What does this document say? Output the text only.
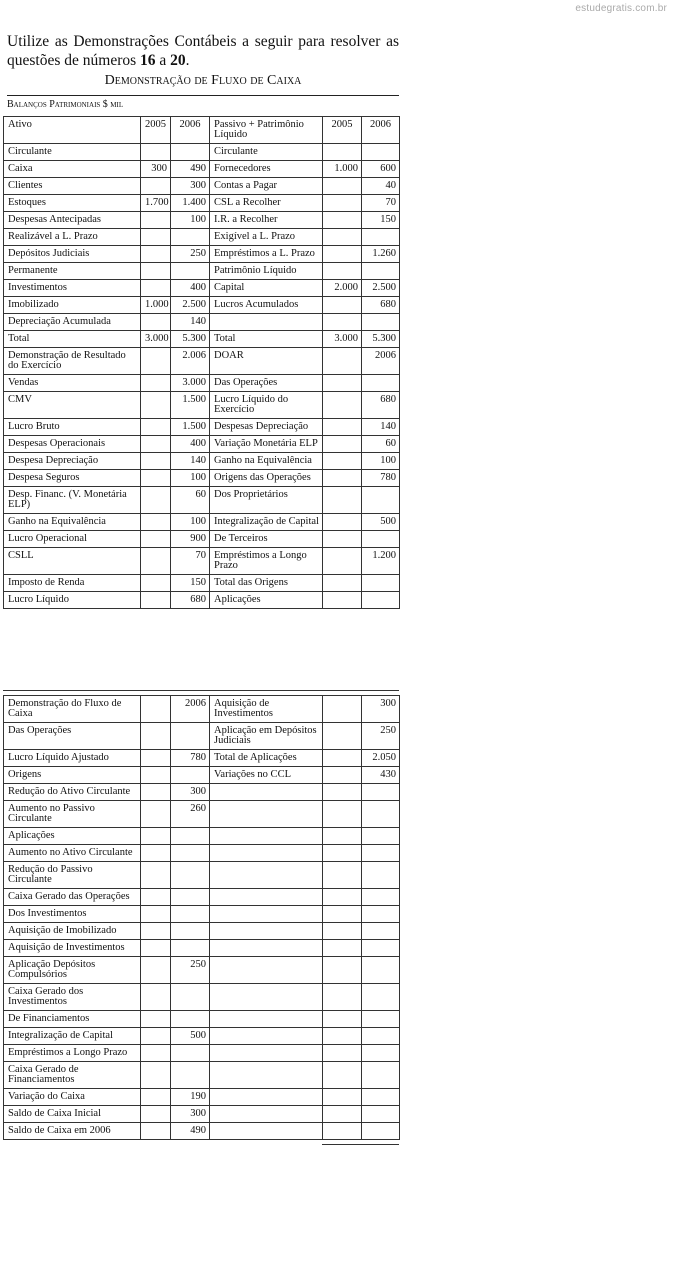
estudegratis.com.br

Utilize as Demonstrações Contábeis a seguir para resolver as questões de números 16 a 20.

Demonstração de Fluxo de Caixa

Balanços Patrimoniais $ mil

Ativo	2005	2006	Passivo + Patrimônio Líquido	2005	2006
Circulante			Circulante		
Caixa	300	490	Fornecedores	1.000	600
Clientes		300	Contas a Pagar		40
Estoques	1.700	1.400	CSL a Recolher		70
Despesas Antecipadas		100	I.R. a Recolher		150
Realizável a L. Prazo			Exigível a L. Prazo		
Depósitos Judiciais		250	Empréstimos a L. Prazo		1.260
Permanente			Patrimônio Líquido		
Investimentos		400	Capital	2.000	2.500
Imobilizado	1.000	2.500	Lucros Acumulados		680
Depreciação Acumulada		140			
Total	3.000	5.300	Total	3.000	5.300
Demonstração de Resultado do Exercício		2.006	DOAR		2006
Vendas		3.000	Das Operações		
CMV		1.500	Lucro Líquido do Exercício		680
Lucro Bruto		1.500	Despesas Depreciação		140
Despesas Operacionais		400	Variação Monetária ELP		60
Despesa Depreciação		140	Ganho na Equivalência		100
Despesa Seguros		100	Origens das Operações		780
Desp. Financ. (V. Monetária ELP)		60	Dos Proprietários		
Ganho na Equivalência		100	Integralização de Capital		500
Lucro Operacional		900	De Terceiros		
CSLL		70	Empréstimos a Longo Prazo		1.200
Imposto de Renda		150	Total das Origens		
Lucro Líquido		680	Aplicações		
Demonstração do Fluxo de Caixa		2006	Aquisição de Investimentos		300
Das Operações			Aplicação em Depósitos Judiciais		250
Lucro Líquido Ajustado		780	Total de Aplicações		2.050
Origens			Variações no CCL		430
Redução do Ativo Circulante		300			
Aumento no Passivo Circulante		260			
Aplicações					
Aumento no Ativo Circulante					
Redução do Passivo Circulante					
Caixa Gerado das Operações					
Dos Investimentos					
Aquisição de Imobilizado					
Aquisição de Investimentos					
Aplicação Depósitos Compulsórios		250			
Caixa Gerado dos Investimentos					
De Financiamentos					
Integralização de Capital		500			
Empréstimos a Longo Prazo					
Caixa Gerado de Financiamentos					
Variação do Caixa		190			
Saldo de Caixa Inicial		300			
Saldo de Caixa em 2006		490			
